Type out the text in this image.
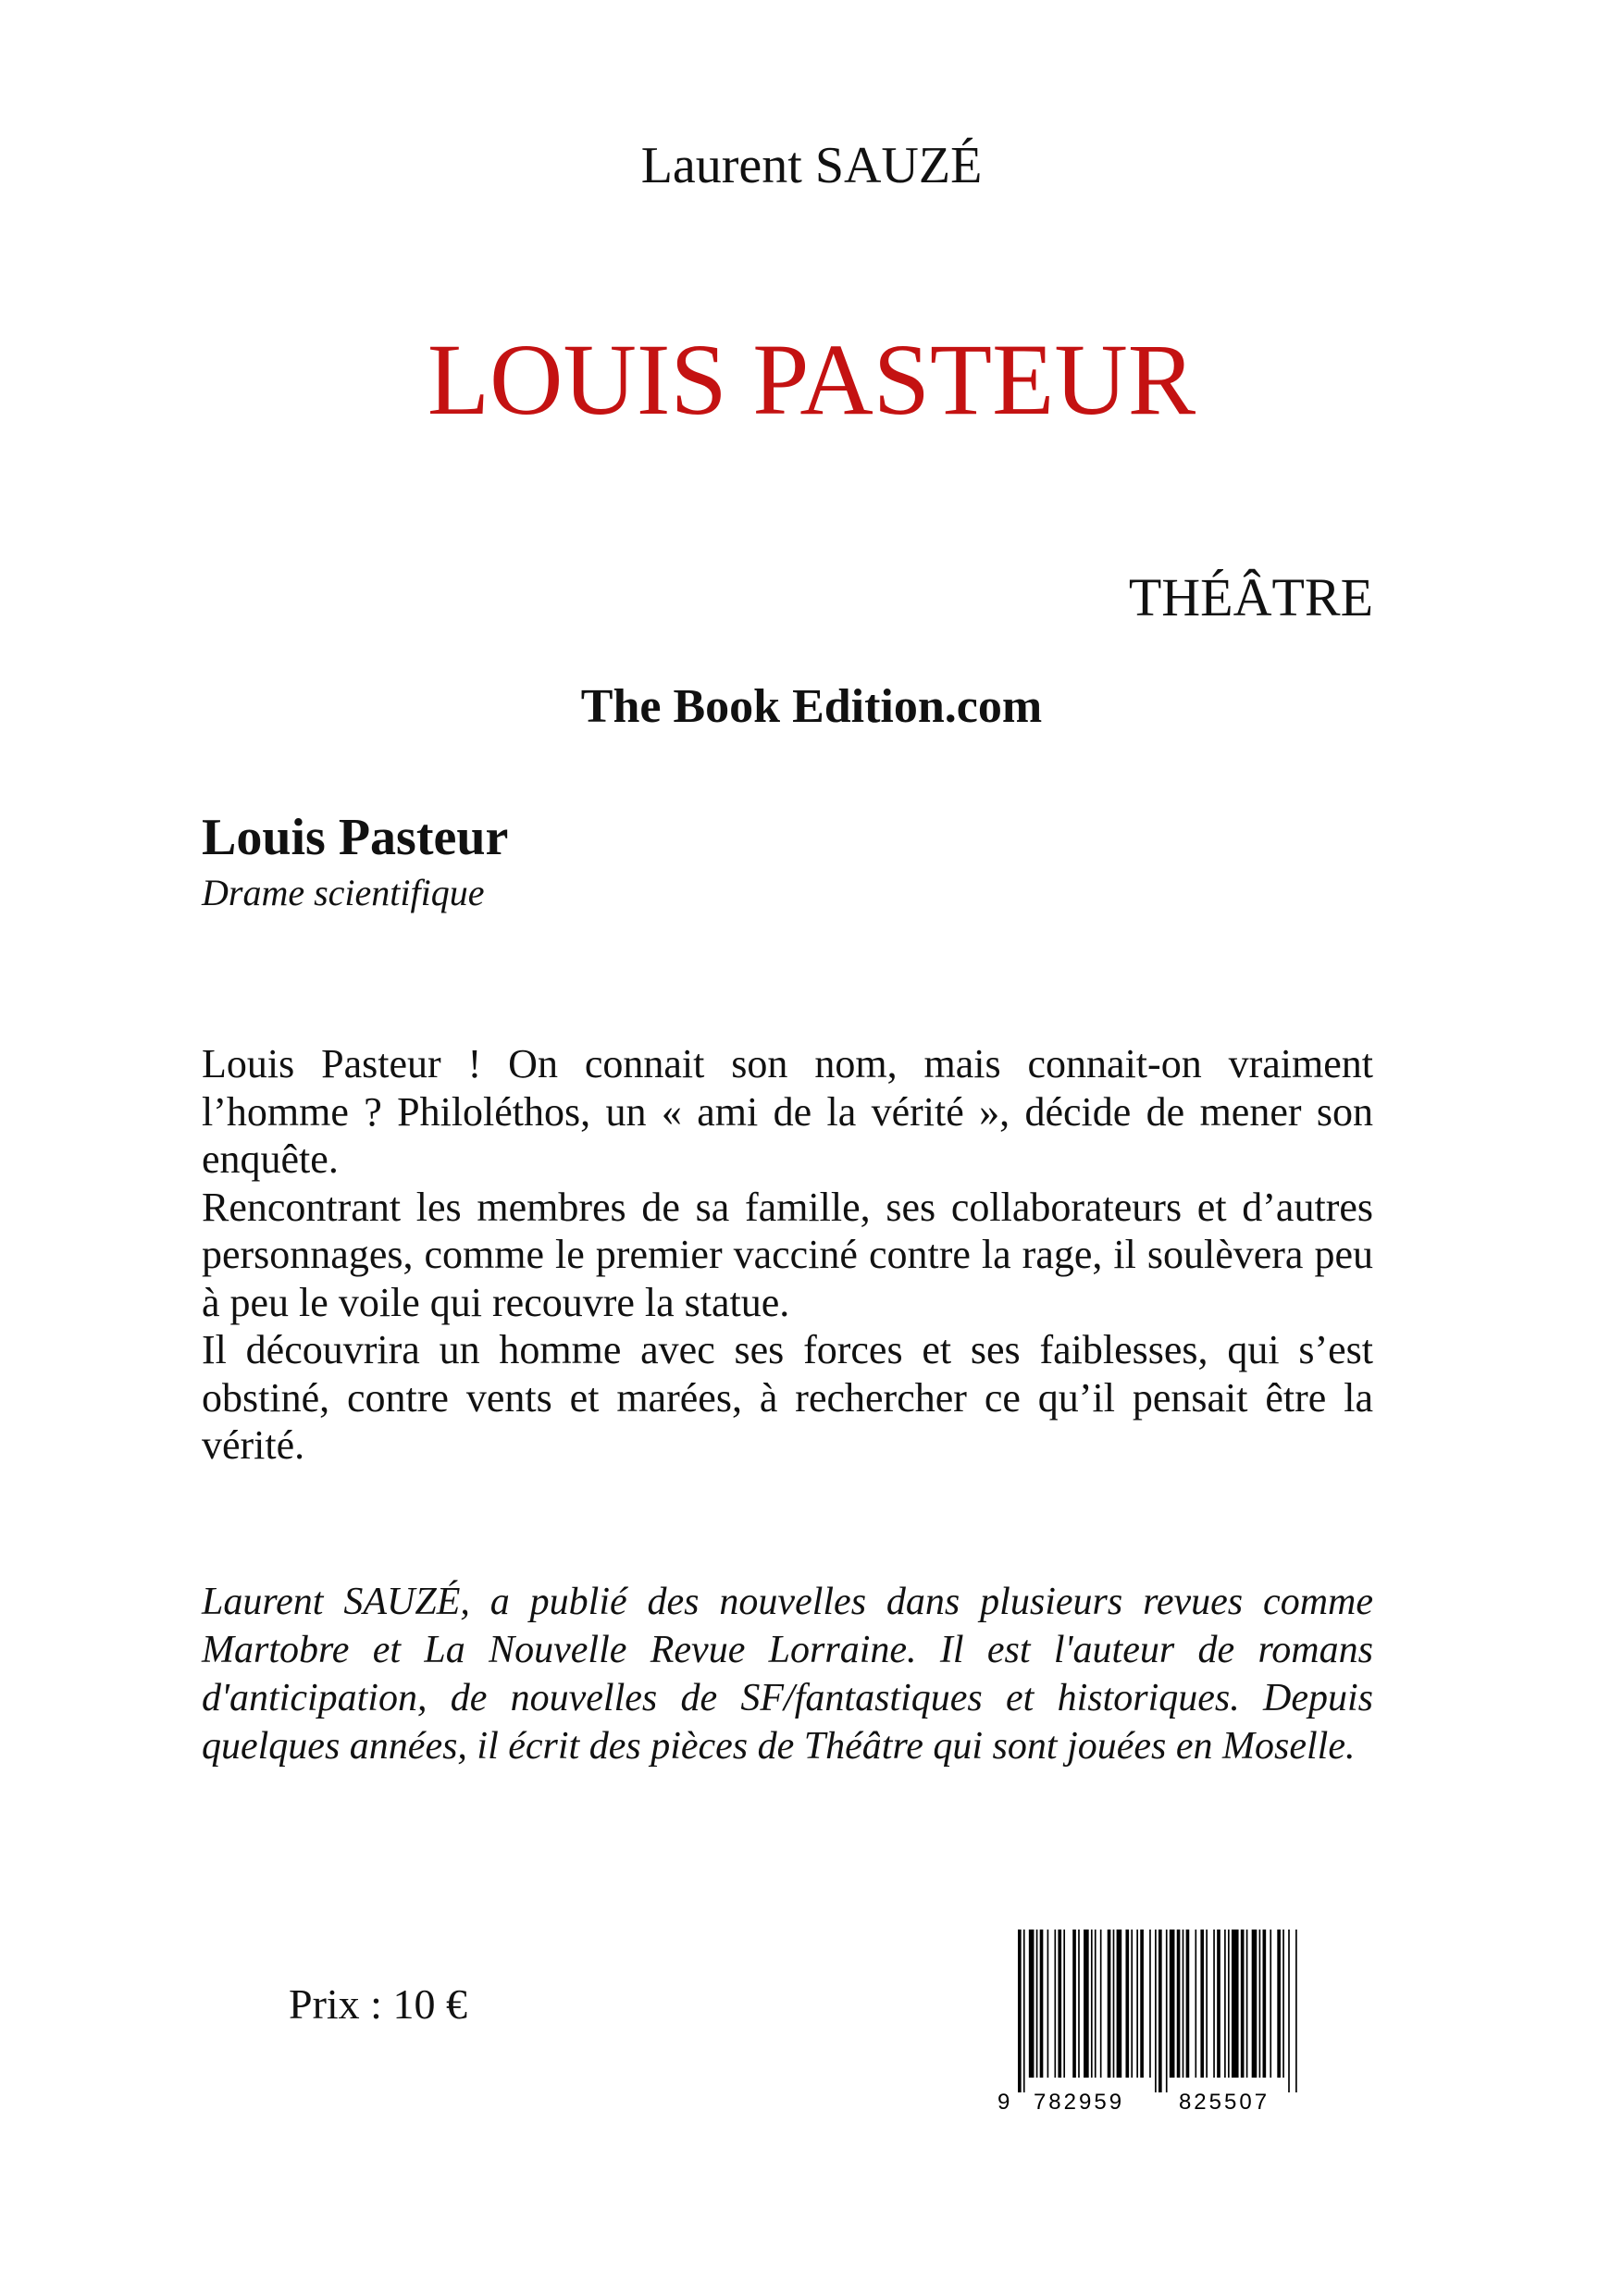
Laurent SAUZÉ
LOUIS PASTEUR
THÉÂTRE
The Book Edition.com
Louis Pasteur
Drame scientifique

Louis Pasteur ! On connait son nom, mais connait-on vraiment l’homme ? Philoléthos, un « ami de la vérité », décide de mener son enquête.

Rencontrant les membres de sa famille, ses collaborateurs et d’autres personnages, comme le premier vacciné contre la rage, il soulèvera peu à peu le voile qui recouvre la statue.

Il découvrira un homme avec ses forces et ses faiblesses, qui s’est obstiné, contre vents et marées, à rechercher ce qu’il pensait être la vérité.

Laurent SAUZÉ, a publié des nouvelles dans plusieurs revues comme Martobre et La Nouvelle Revue Lorraine. Il est l'auteur de romans d'anticipation, de nouvelles de SF/fantastiques et historiques. Depuis quelques années, il écrit des pièces de Théâtre qui sont jouées en Moselle.
Prix : 10 €
9 782959 825507
